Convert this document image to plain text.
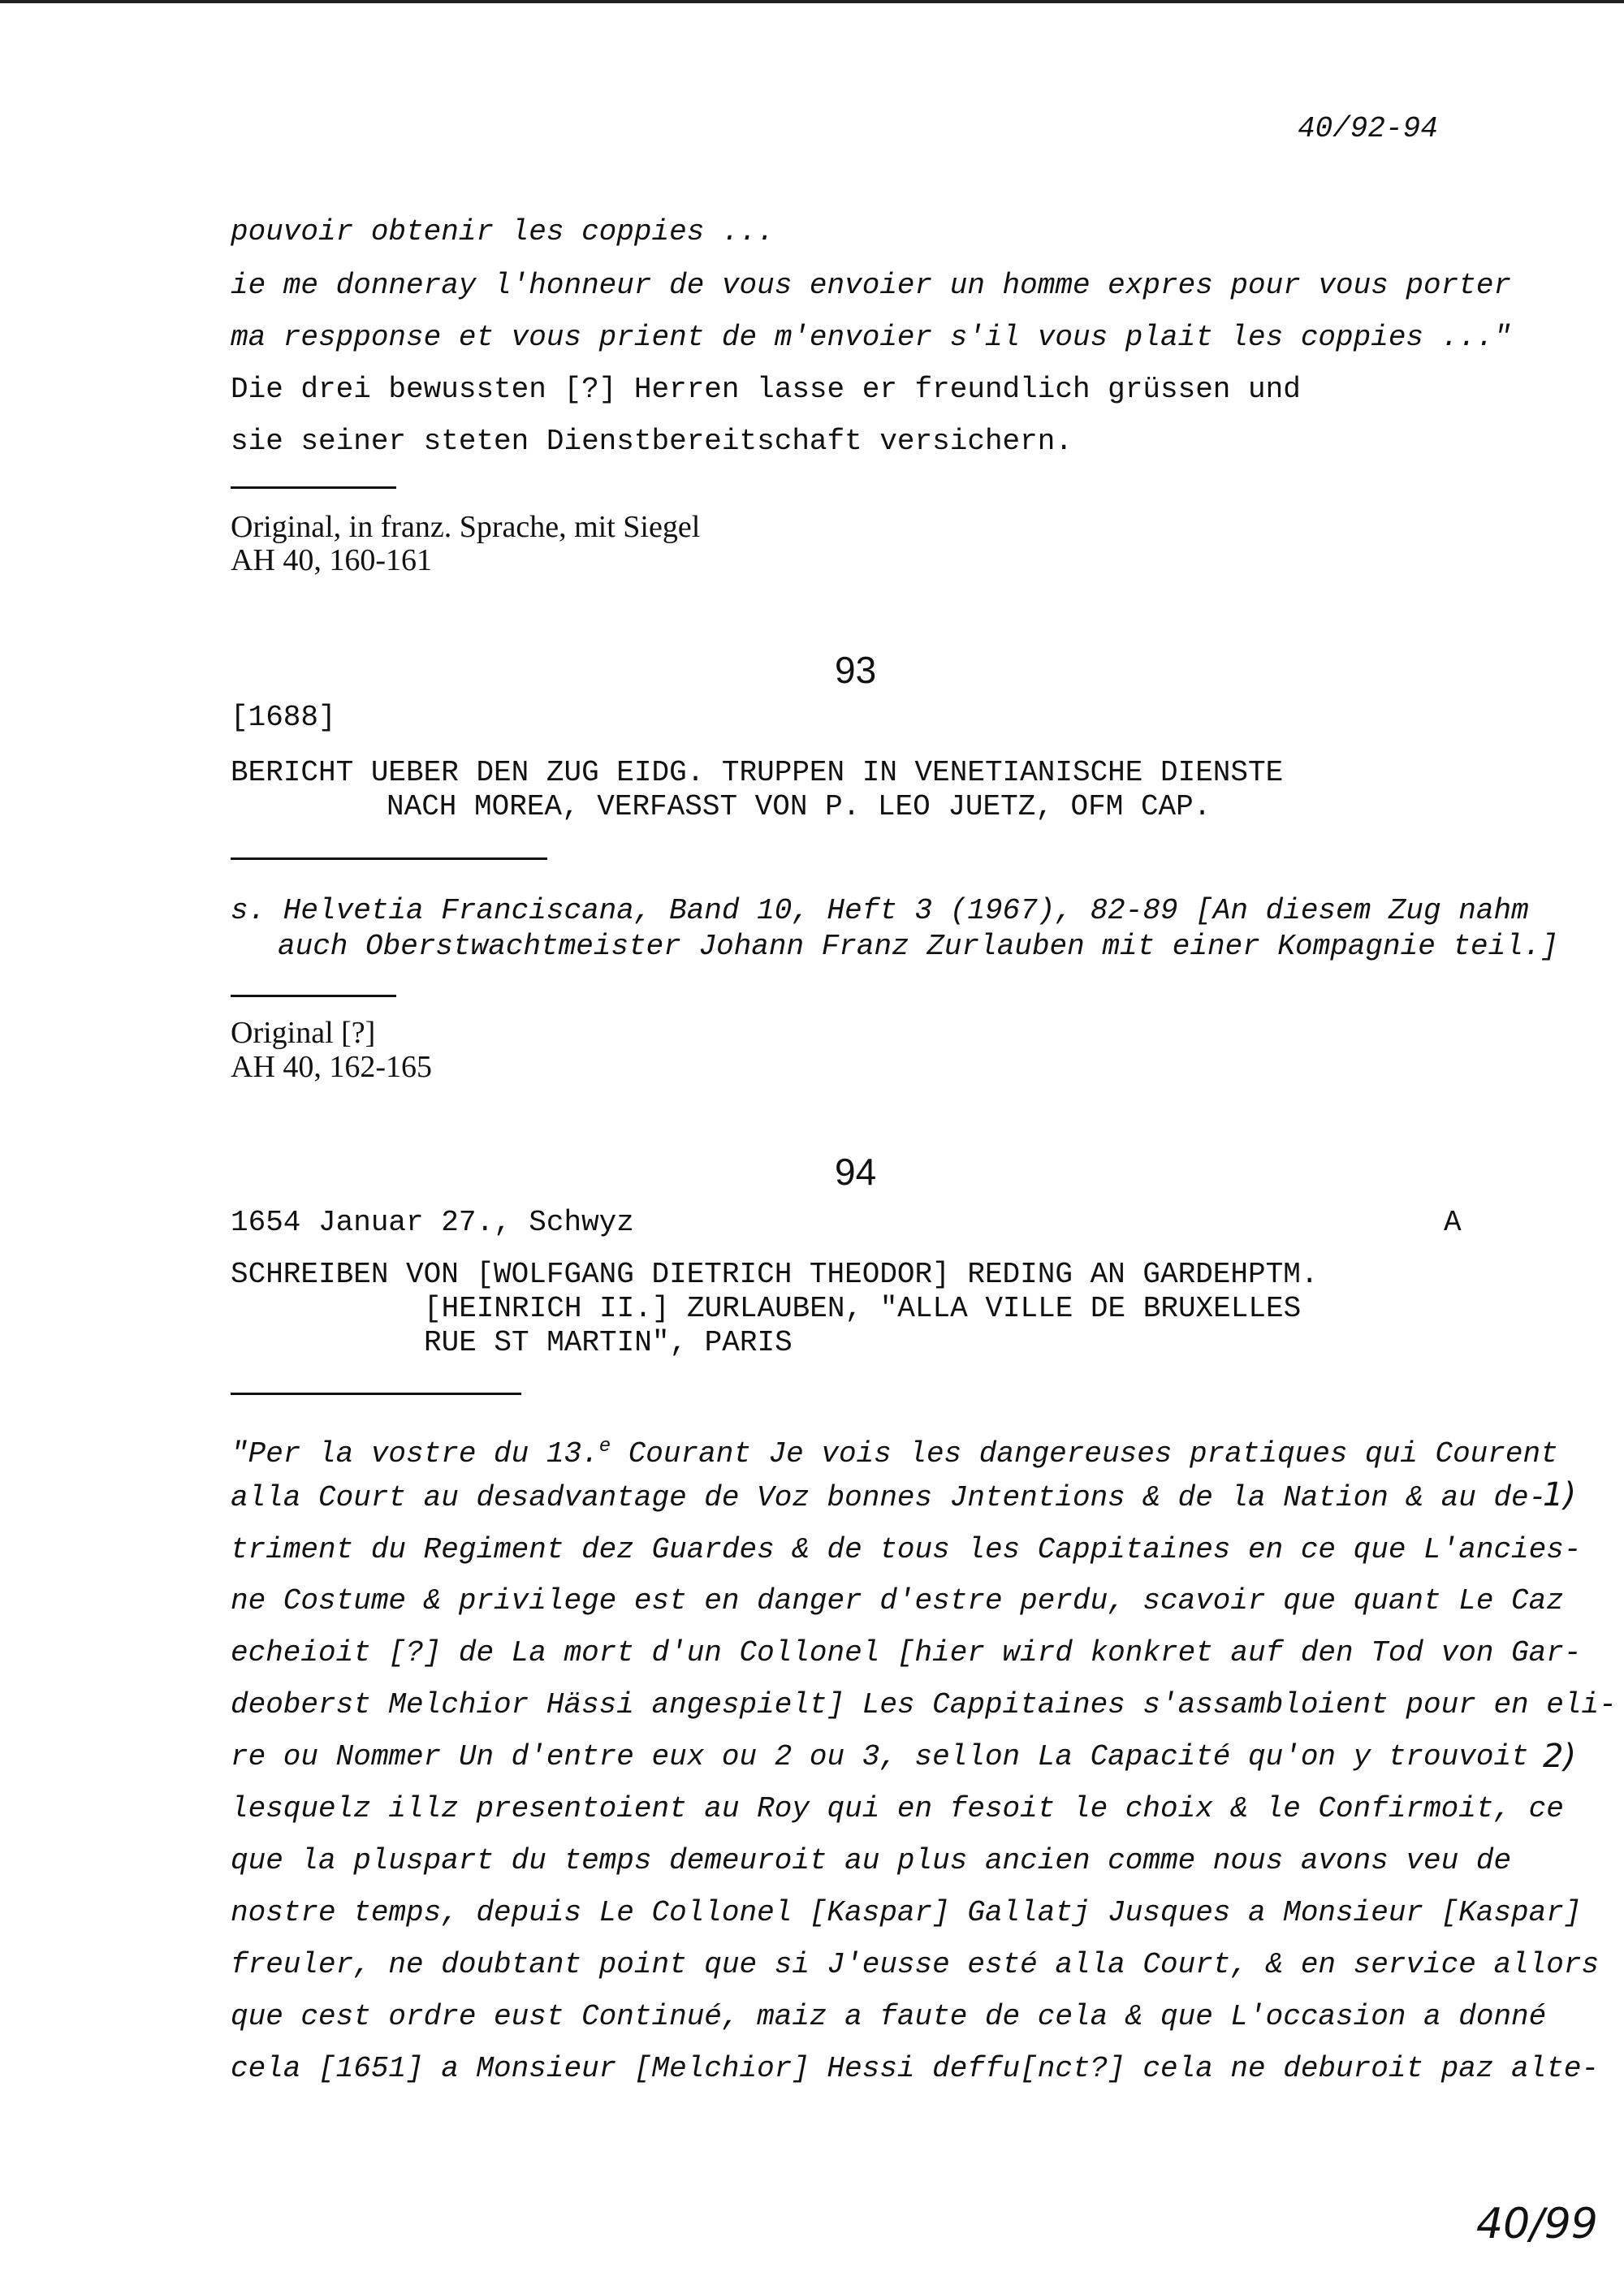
40/92-94
pouvoir obtenir les coppies ...
ie me donneray l'honneur de vous envoier un homme expres pour vous porter
ma respponse et vous prient de m'envoier s'il vous plait les coppies ..."
Die drei bewussten [?] Herren lasse er freundlich grüssen und
sie seiner steten Dienstbereitschaft versichern.
Original, in franz. Sprache, mit Siegel
AH 40, 160-161
93
[1688]
BERICHT UEBER DEN ZUG EIDG. TRUPPEN IN VENETIANISCHE DIENSTE
NACH MOREA, VERFASST VON P. LEO JUETZ, OFM CAP.
s. Helvetia Franciscana, Band 10, Heft 3 (1967), 82-89 [An diesem Zug nahm
auch Oberstwachtmeister Johann Franz Zurlauben mit einer Kompagnie teil.]
Original [?]
AH 40, 162-165
94
1654 Januar 27., Schwyz	A
SCHREIBEN VON [WOLFGANG DIETRICH THEODOR] REDING AN GARDEHPTM.
[HEINRICH II.] ZURLAUBEN, "ALLA VILLE DE BRUXELLES
RUE ST MARTIN", PARIS
"Per la vostre du 13.$^e$ Courant Je vois les dangereuses pratiques qui Courent
alla Court au desadvantage de Voz bonnes Jntentions & de la Nation & au de-
triment du Regiment dez Guardes & de tous les Cappitaines en ce que L'ancies-
ne Costume & privilege est en danger d'estre perdu, scavoir que quant Le Caz
echeioit [?] de La mort d'un Collonel [hier wird konkret auf den Tod von Gar-
deoberst Melchior Hässi angespielt] Les Cappitaines s'assambloient pour en eli-
re ou Nommer Un d'entre eux ou 2 ou 3, sellon La Capacité qu'on y trouvoit
lesquelz illz presentoient au Roy qui en fesoit le choix & le Confirmoit, ce
que la pluspart du temps demeuroit au plus ancien comme nous avons veu de
nostre temps, depuis Le Collonel [Kaspar] Gallatj Jusques a Monsieur [Kaspar]
freuler, ne doubtant point que si J'eusse esté alla Court, & en service allors
que cest ordre eust Continué, maiz a faute de cela & que L'occasion a donné
cela [1651] a Monsieur [Melchior] Hessi deffu[nct?] cela ne deburoit paz alte-
1)
2)
40/99
